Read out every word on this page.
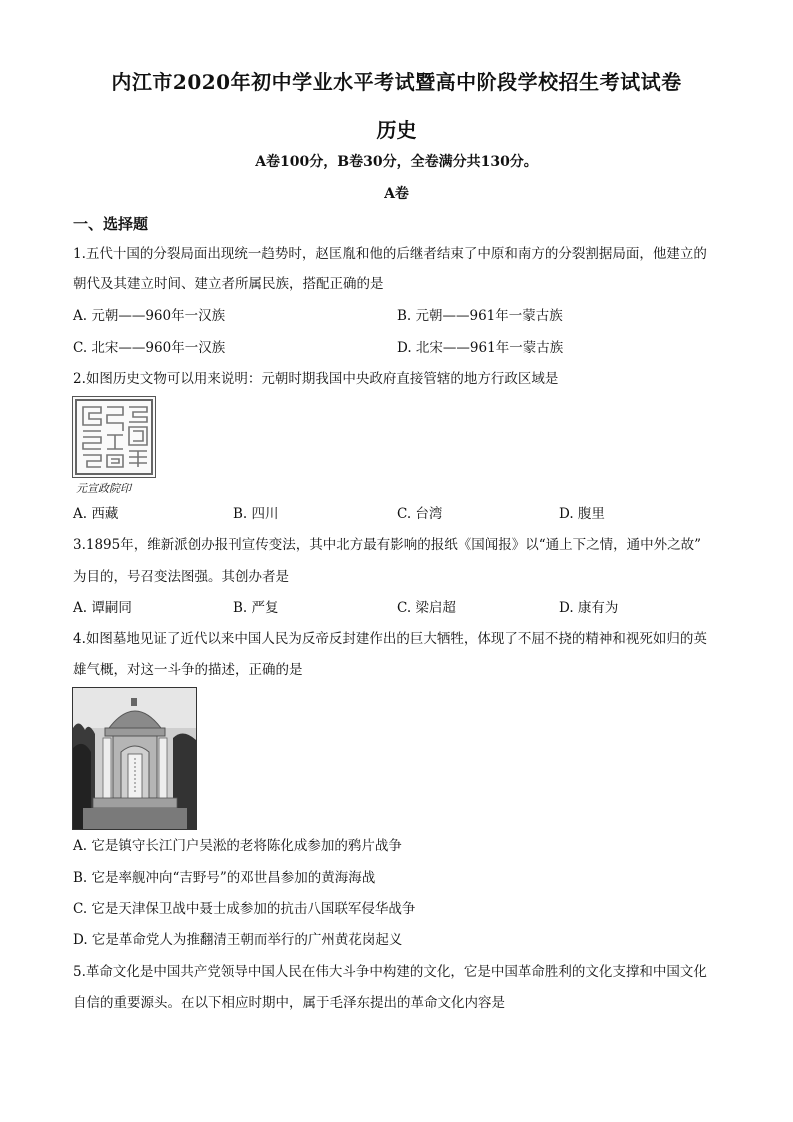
内江市2020年初中学业水平考试暨高中阶段学校招生考试试卷
历史
A卷100分，B卷30分，全卷满分共130分。
A卷
一、选择题
1.五代十国的分裂局面出现统一趋势时，赵匡胤和他的后继者结束了中原和南方的分裂割据局面，他建立的
朝代及其建立时间、建立者所属民族，搭配正确的是
A. 元朝——960年一汉族	B. 元朝——961年一蒙古族
C. 北宋——960年一汉族	D. 北宋——961年一蒙古族
2.如图历史文物可以用来说明：元朝时期我国中央政府直接管辖的地方行政区域是
元宣政院印
A. 西藏	B. 四川	C. 台湾	D. 腹里
3.1895年，维新派创办报刊宣传变法，其中北方最有影响的报纸《国闻报》以“通上下之情，通中外之故”
为目的，号召变法图强。其创办者是
A. 谭嗣同	B. 严复	C. 梁启超	D. 康有为
4.如图墓地见证了近代以来中国人民为反帝反封建作出的巨大牺牲，体现了不屈不挠的精神和视死如归的英
雄气概，对这一斗争的描述，正确的是
A. 它是镇守长江门户吴淞的老将陈化成参加的鸦片战争
B. 它是率舰冲向“吉野号”的邓世昌参加的黄海海战
C. 它是天津保卫战中聂士成参加的抗击八国联军侵华战争
D. 它是革命党人为推翻清王朝而举行的广州黄花岗起义
5.革命文化是中国共产党领导中国人民在伟大斗争中构建的文化，它是中国革命胜利的文化支撑和中国文化
自信的重要源头。在以下相应时期中，属于毛泽东提出的革命文化内容是
